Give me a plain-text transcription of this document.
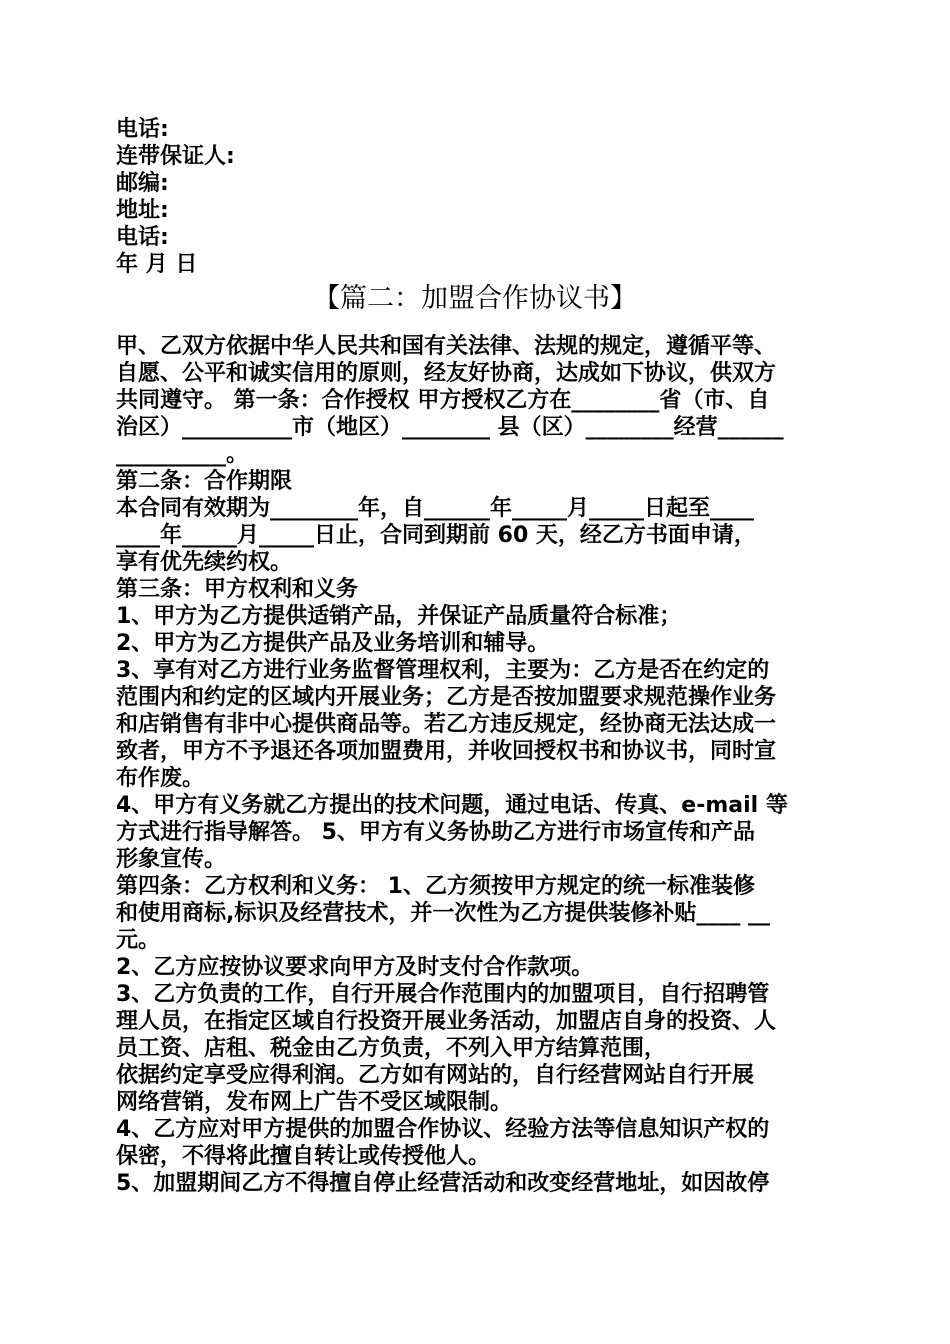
电话:
连带保证人:
邮编:
地址:
电话:
年 月 日
【篇二：加盟合作协议书】
甲、乙双方依据中华人民共和国有关法律、法规的规定，遵循平等、
自愿、公平和诚实信用的原则，经友好协商，达成如下协议，供双方
共同遵守。 第一条：合作授权 甲方授权乙方在________省（市、自
治区）__________市（地区）________ 县（区）________经营______
__________。
第二条：合作期限
本合同有效期为________年，自______年_____月_____日起至____
____年_____月_____日止，合同到期前 60 天，经乙方书面申请，
享有优先续约权。
第三条：甲方权利和义务
1、甲方为乙方提供适销产品，并保证产品质量符合标准；
2、甲方为乙方提供产品及业务培训和辅导。
3、享有对乙方进行业务监督管理权利，主要为：乙方是否在约定的
范围内和约定的区域内开展业务；乙方是否按加盟要求规范操作业务
和店销售有非中心提供商品等。若乙方违反规定，经协商无法达成一
致者，甲方不予退还各项加盟费用，并收回授权书和协议书，同时宣
布作废。
4、甲方有义务就乙方提出的技术问题，通过电话、传真、e-mail 等
方式进行指导解答。 5、甲方有义务协助乙方进行市场宣传和产品
形象宣传。
第四条：乙方权利和义务： 1、乙方须按甲方规定的统一标准装修
和使用商标,标识及经营技术，并一次性为乙方提供装修补贴____ __
元。
2、乙方应按协议要求向甲方及时支付合作款项。
3、乙方负责的工作，自行开展合作范围内的加盟项目，自行招聘管
理人员，在指定区域自行投资开展业务活动，加盟店自身的投资、人
员工资、店租、税金由乙方负责，不列入甲方结算范围，
依据约定享受应得利润。乙方如有网站的，自行经营网站自行开展
网络营销，发布网上广告不受区域限制。
4、乙方应对甲方提供的加盟合作协议、经验方法等信息知识产权的
保密，不得将此擅自转让或传授他人。
5、加盟期间乙方不得擅自停止经营活动和改变经营地址，如因故停
